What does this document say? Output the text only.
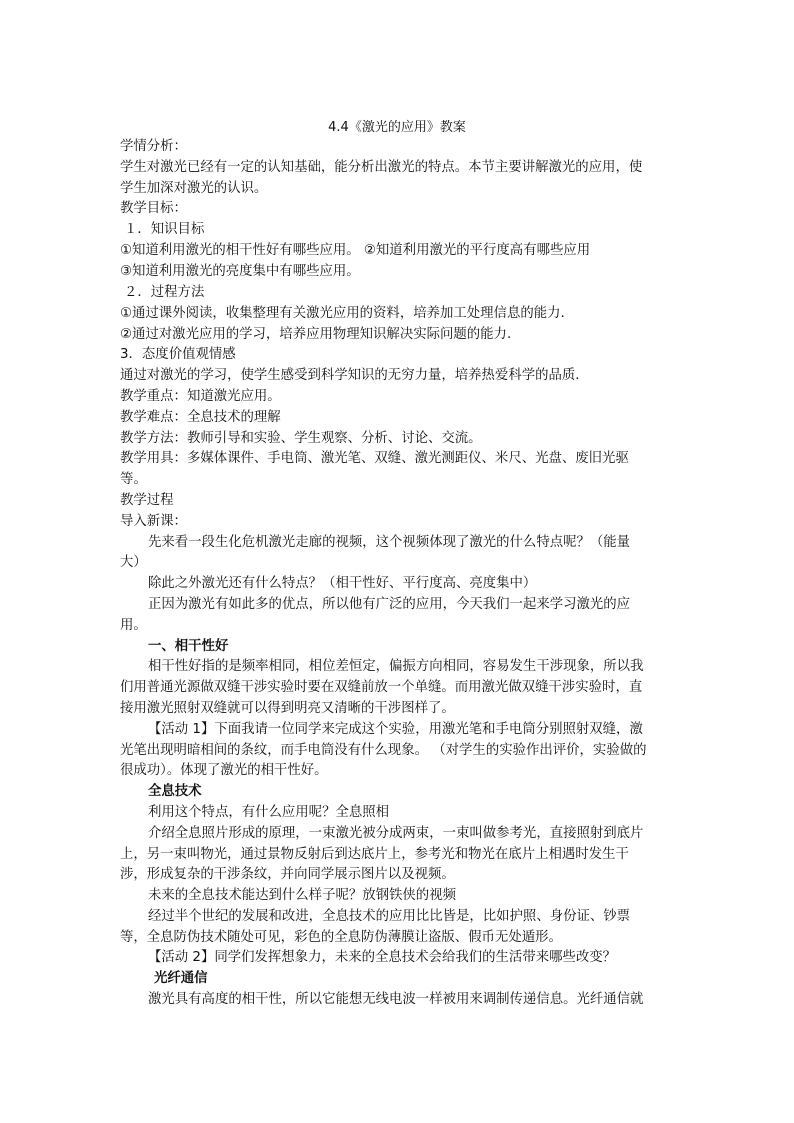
4.4《激光的应用》教案
学情分析：
学生对激光已经有一定的认知基础，能分析出激光的特点。本节主要讲解激光的应用，使
学生加深对激光的认识。
教学目标：
１．知识目标
①知道利用激光的相干性好有哪些应用。 ②知道利用激光的平行度高有哪些应用
③知道利用激光的亮度集中有哪些应用。
２．过程方法
①通过课外阅读，收集整理有关激光应用的资料，培养加工处理信息的能力.
②通过对激光应用的学习，培养应用物理知识解决实际问题的能力.
3．态度价值观情感
通过对激光的学习，使学生感受到科学知识的无穷力量，培养热爱科学的品质.
教学重点：知道激光应用。
教学难点：全息技术的理解
教学方法：教师引导和实验、学生观察、分析、讨论、交流。
教学用具：多媒体课件、手电筒、激光笔、双缝、激光测距仪、米尺、光盘、废旧光驱
等。
教学过程
导入新课：
先来看一段生化危机激光走廊的视频，这个视频体现了激光的什么特点呢？（能量
大）
除此之外激光还有什么特点？（相干性好、平行度高、亮度集中）
正因为激光有如此多的优点，所以他有广泛的应用，今天我们一起来学习激光的应
用。
一、相干性好
相干性好指的是频率相同，相位差恒定，偏振方向相同，容易发生干涉现象，所以我
们用普通光源做双缝干涉实验时要在双缝前放一个单缝。而用激光做双缝干涉实验时，直
接用激光照射双缝就可以得到明亮又清晰的干涉图样了。
【活动 1】下面我请一位同学来完成这个实验，用激光笔和手电筒分别照射双缝，激
光笔出现明暗相间的条纹，而手电筒没有什么现象。 （对学生的实验作出评价，实验做的
很成功）。体现了激光的相干性好。
全息技术
利用这个特点，有什么应用呢？全息照相
介绍全息照片形成的原理，一束激光被分成两束，一束叫做参考光，直接照射到底片
上，另一束叫物光，通过景物反射后到达底片上，参考光和物光在底片上相遇时发生干
涉，形成复杂的干涉条纹，并向同学展示图片以及视频。
未来的全息技术能达到什么样子呢？放钢铁侠的视频
经过半个世纪的发展和改进，全息技术的应用比比皆是，比如护照、身份证、钞票
等，全息防伪技术随处可见，彩色的全息防伪薄膜让盗版、假币无处遁形。
【活动 2】同学们发挥想象力，未来的全息技术会给我们的生活带来哪些改变？
光纤通信
激光具有高度的相干性，所以它能想无线电波一样被用来调制传递信息。光纤通信就
